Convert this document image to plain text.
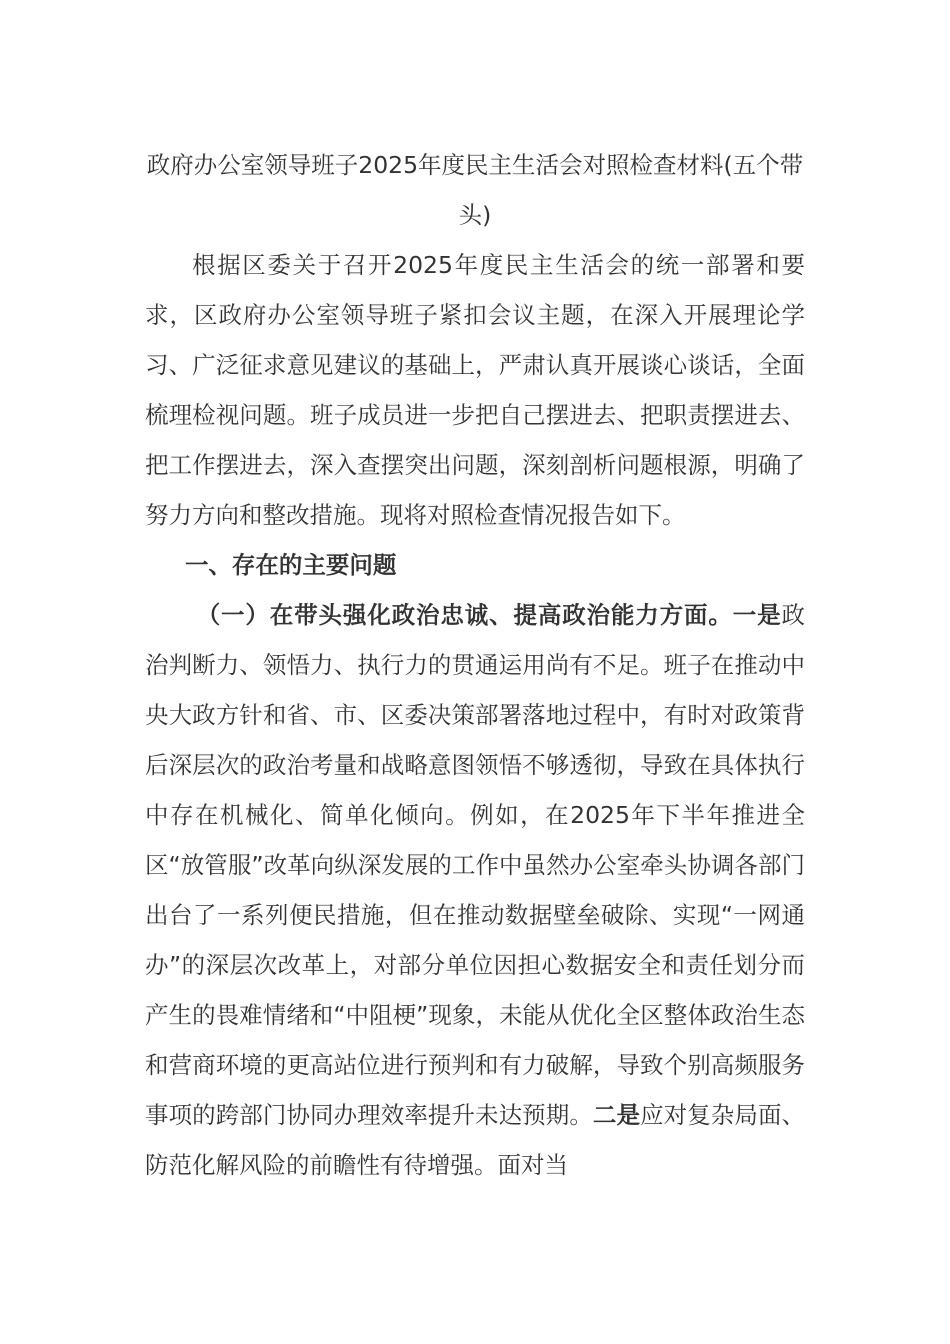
政府办公室领导班子2025年度民主生活会对照检查材料(五个带头)

根据区委关于召开2025年度民主生活会的统一部署和要求，区政府办公室领导班子紧扣会议主题，在深入开展理论学习、广泛征求意见建议的基础上，严肃认真开展谈心谈话，全面梳理检视问题。班子成员进一步把自己摆进去、把职责摆进去、把工作摆进去，深入查摆突出问题，深刻剖析问题根源，明确了努力方向和整改措施。现将对照检查情况报告如下。

一、存在的主要问题

（一）在带头强化政治忠诚、提高政治能力方面。一是政治判断力、领悟力、执行力的贯通运用尚有不足。班子在推动中央大政方针和省、市、区委决策部署落地过程中，有时对政策背后深层次的政治考量和战略意图领悟不够透彻，导致在具体执行中存在机械化、简单化倾向。例如，在2025年下半年推进全区“放管服”改革向纵深发展的工作中虽然办公室牵头协调各部门出台了一系列便民措施，但在推动数据壁垒破除、实现“一网通办”的深层次改革上，对部分单位因担心数据安全和责任划分而产生的畏难情绪和“中阻梗”现象，未能从优化全区整体政治生态和营商环境的更高站位进行预判和有力破解，导致个别高频服务事项的跨部门协同办理效率提升未达预期。二是应对复杂局面、防范化解风险的前瞻性有待增强。面对当
